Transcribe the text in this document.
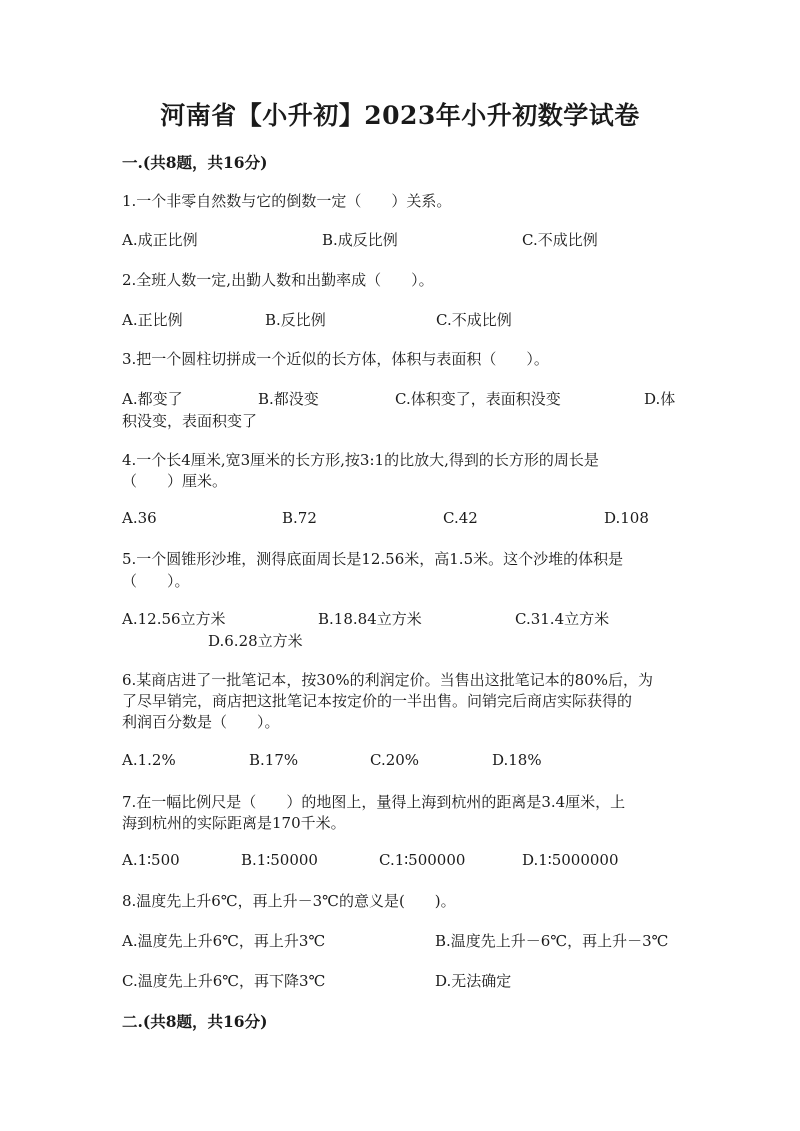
河南省【小升初】2023年小升初数学试卷
一.(共8题，共16分)
1.一个非零自然数与它的倒数一定（　　）关系。
A.成正比例	B.成反比例	C.不成比例
2.全班人数一定,出勤人数和出勤率成（　　）。
A.正比例	B.反比例	C.不成比例
3.把一个圆柱切拼成一个近似的长方体，体积与表面积（　　）。
A.都变了	B.都没变	C.体积变了，表面积没变	D.体
积没变，表面积变了
4.一个长4厘米,宽3厘米的长方形,按3:1的比放大,得到的长方形的周长是
（　　）厘米。
A.36	B.72	C.42	D.108
5.一个圆锥形沙堆，测得底面周长是12.56米，高1.5米。这个沙堆的体积是
（　　）。
A.12.56立方米	B.18.84立方米	C.31.4立方米
D.6.28立方米
6.某商店进了一批笔记本，按30%的利润定价。当售出这批笔记本的80%后，为
了尽早销完，商店把这批笔记本按定价的一半出售。问销完后商店实际获得的
利润百分数是（　　）。
A.1.2%	B.17%	C.20%	D.18%
7.在一幅比例尺是（　　）的地图上，量得上海到杭州的距离是3.4厘米，上
海到杭州的实际距离是170千米。
A.1∶500	B.1∶50000	C.1∶500000	D.1∶5000000
8.温度先上升6℃，再上升－3℃的意义是(　　)。
A.温度先上升6℃，再上升3℃	B.温度先上升－6℃，再上升－3℃
C.温度先上升6℃，再下降3℃	D.无法确定
二.(共8题，共16分)
